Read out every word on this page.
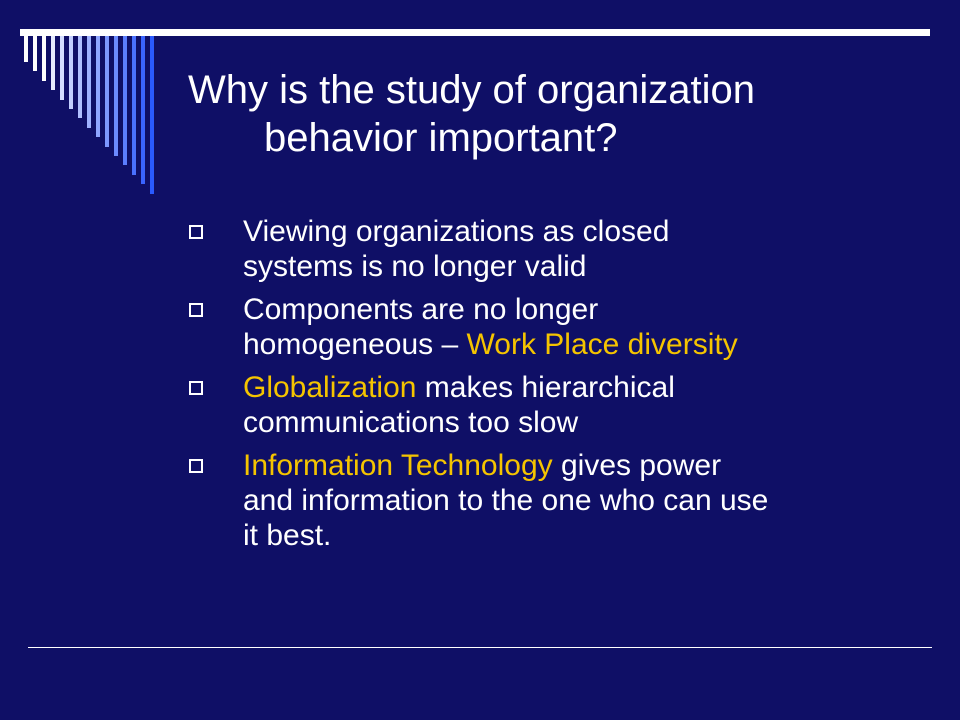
Why is the study of organization
behavior important?
Viewing organizations as closed
systems is no longer valid
Components are no longer
homogeneous – Work Place diversity
Globalization makes hierarchical
communications too slow
Information Technology gives power
and information to the one who can use
it best.
